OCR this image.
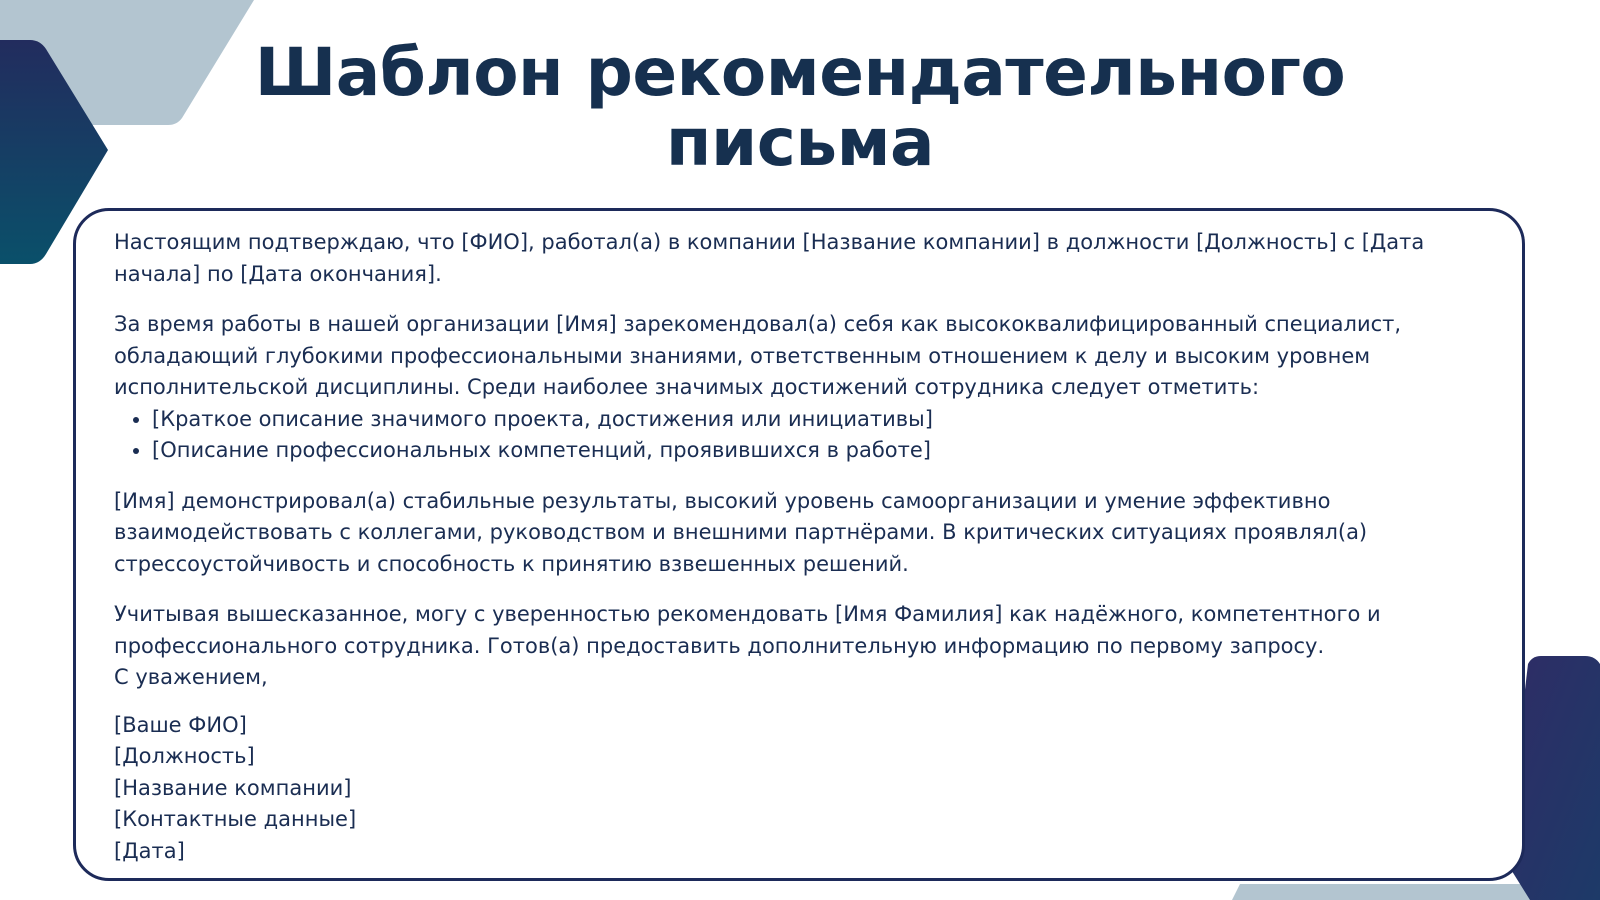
Шаблон рекомендательного
письма

Настоящим подтверждаю, что [ФИО], работал(а) в компании [Название компании] в должности [Должность] с [Дата начала] по [Дата окончания].

За время работы в нашей организации [Имя] зарекомендовал(а) себя как высококвалифицированный специалист, обладающий глубокими профессиональными знаниями, ответственным отношением к делу и высоким уровнем исполнительской дисциплины. Среди наиболее значимых достижений сотрудника следует отметить:

• [Краткое описание значимого проекта, достижения или инициативы]
• [Описание профессиональных компетенций, проявившихся в работе]

[Имя] демонстрировал(а) стабильные результаты, высокий уровень самоорганизации и умение эффективно взаимодействовать с коллегами, руководством и внешними партнёрами. В критических ситуациях проявлял(а) стрессоустойчивость и способность к принятию взвешенных решений.

Учитывая вышесказанное, могу с уверенностью рекомендовать [Имя Фамилия] как надёжного, компетентного и профессионального сотрудника. Готов(а) предоставить дополнительную информацию по первому запросу.

С уважением,
[Ваше ФИО]
[Должность]
[Название компании]
[Контактные данные]
[Дата]
